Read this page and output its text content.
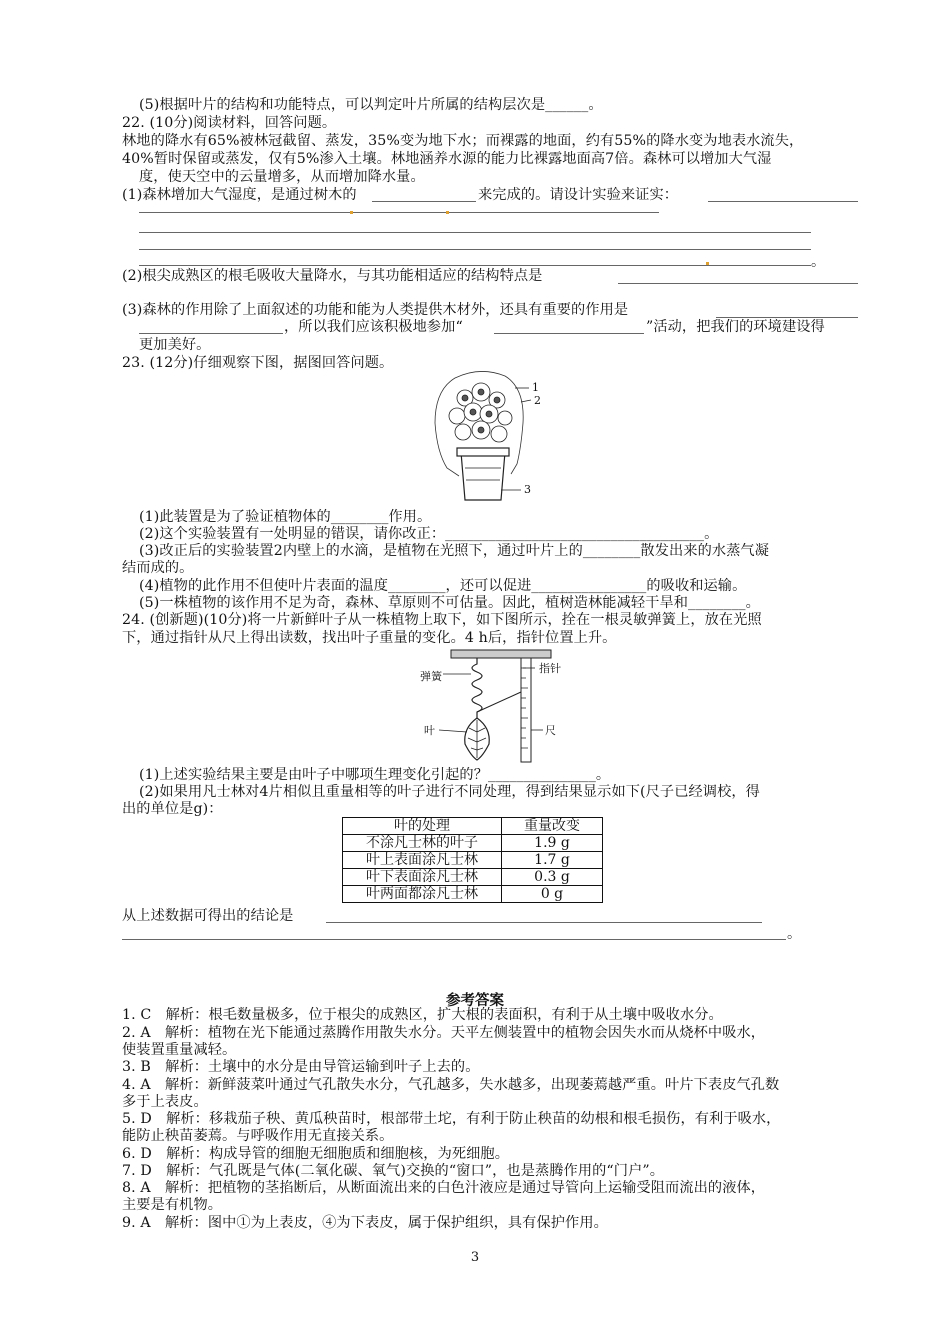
(5)根据叶片的结构和功能特点，可以判定叶片所属的结构层次是______。
22. (10分)阅读材料，回答问题。
林地的降水有65%被林冠截留、蒸发，35%变为地下水；而裸露的地面，约有55%的降水变为地表水流失，
40%暂时保留或蒸发，仅有5%渗入土壤。林地涵养水源的能力比裸露地面高7倍。森林可以增加大气湿
度，使天空中的云量增多，从而增加降水量。
(1)森林增加大气湿度，是通过树木的	来完成的。请设计实验来证实：
。
(2)根尖成熟区的根毛吸收大量降水，与其功能相适应的结构特点是
(3)森林的作用除了上面叙述的功能和能为人类提供木材外，还具有重要的作用是
，所以我们应该积极地参加“	”活动，把我们的环境建设得
更加美好。
23. (12分)仔细观察下图，据图回答问题。
1
2
3
(1)此装置是为了验证植物体的________作用。
(2)这个实验装置有一处明显的错误，请你改正：____________________________________。
(3)改正后的实验装置2内壁上的水滴，是植物在光照下，通过叶片上的________散发出来的水蒸气凝
结而成的。
(4)植物的此作用不但使叶片表面的温度________，还可以促进________________的吸收和运输。
(5)一株植物的该作用不足为奇，森林、草原则不可估量。因此，植树造林能减轻干旱和________。
24. (创新题)(10分)将一片新鲜叶子从一株植物上取下，如下图所示，拴在一根灵敏弹簧上，放在光照
下，通过指针从尺上得出读数，找出叶子重量的变化。4 h后，指针位置上升。
弹簧
指针
叶	尺
(1)上述实验结果主要是由叶子中哪项生理变化引起的？_______________。
(2)如果用凡士林对4片相似且重量相等的叶子进行不同处理，得到结果显示如下(尺子已经调校，得
出的单位是g)：
叶的处理	重量改变
不涂凡士林的叶子	1.9 g
叶上表面涂凡士林	1.7 g
叶下表面涂凡士林	0.3 g
叶两面都涂凡士林	0 g
从上述数据可得出的结论是
。
参考答案
1. C　解析：根毛数量极多，位于根尖的成熟区，扩大根的表面积，有利于从土壤中吸收水分。
2. A　解析：植物在光下能通过蒸腾作用散失水分。天平左侧装置中的植物会因失水而从烧杯中吸水，
使装置重量减轻。
3. B　解析：土壤中的水分是由导管运输到叶子上去的。
4. A　解析：新鲜菠菜叶通过气孔散失水分，气孔越多，失水越多，出现萎蔫越严重。叶片下表皮气孔数
多于上表皮。
5. D　解析：移栽茄子秧、黄瓜秧苗时，根部带土坨，有利于防止秧苗的幼根和根毛损伤，有利于吸水，
能防止秧苗萎蔫。与呼吸作用无直接关系。
6. D　解析：构成导管的细胞无细胞质和细胞核，为死细胞。
7. D　解析：气孔既是气体(二氧化碳、氧气)交换的“窗口”，也是蒸腾作用的“门户”。
8. A　解析：把植物的茎掐断后，从断面流出来的白色汁液应是通过导管向上运输受阻而流出的液体，
主要是有机物。
9. A　解析：图中①为上表皮，④为下表皮，属于保护组织，具有保护作用。
3
